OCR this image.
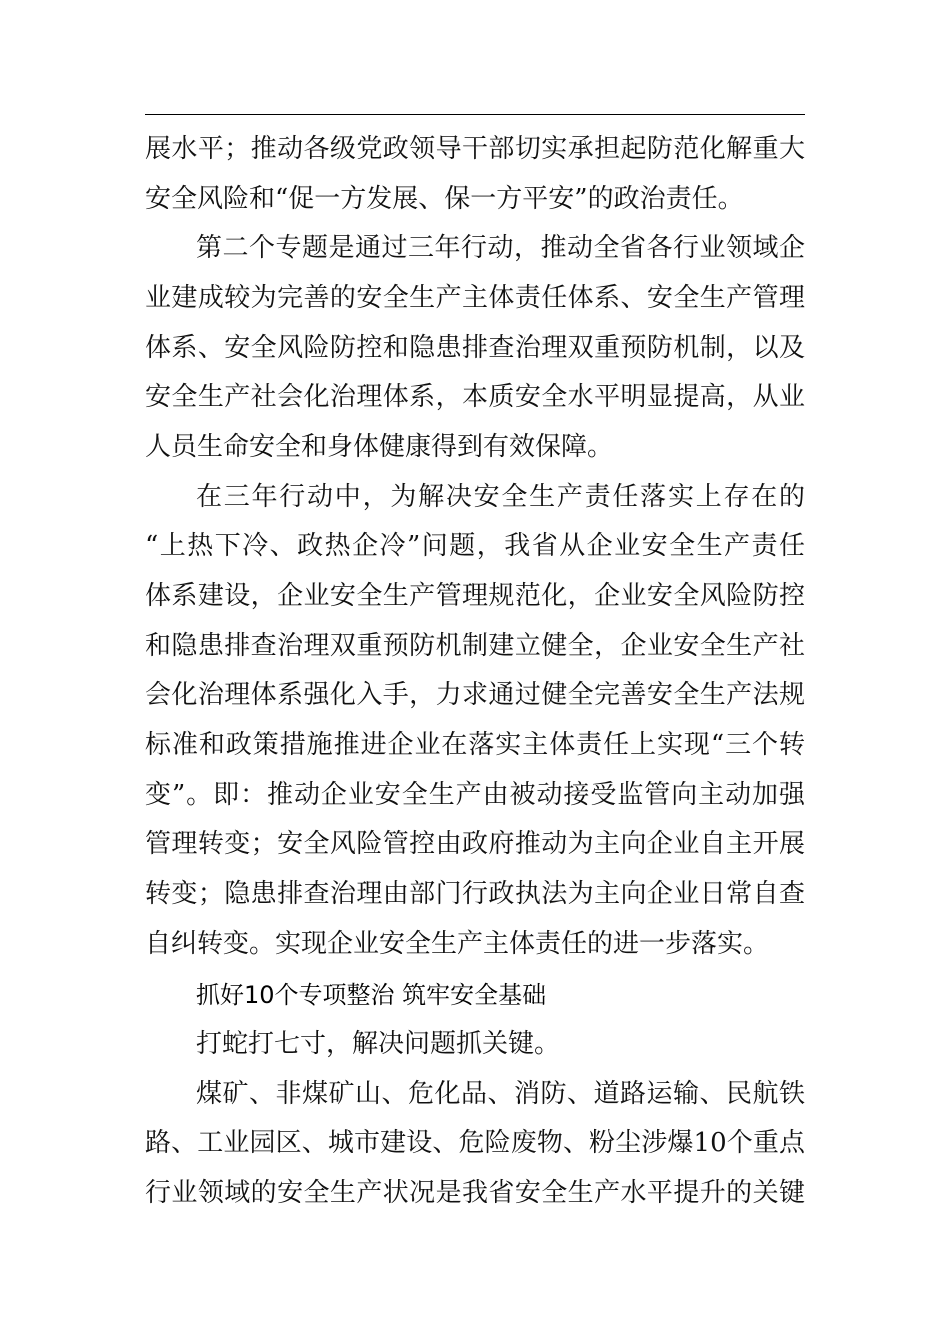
展水平；推动各级党政领导干部切实承担起防范化解重大
安全风险和“促一方发展、保一方平安”的政治责任。
第二个专题是通过三年行动，推动全省各行业领域企
业建成较为完善的安全生产主体责任体系、安全生产管理
体系、安全风险防控和隐患排查治理双重预防机制，以及
安全生产社会化治理体系，本质安全水平明显提高，从业
人员生命安全和身体健康得到有效保障。
在三年行动中，为解决安全生产责任落实上存在的
“上热下冷、政热企冷”问题，我省从企业安全生产责任
体系建设，企业安全生产管理规范化，企业安全风险防控
和隐患排查治理双重预防机制建立健全，企业安全生产社
会化治理体系强化入手，力求通过健全完善安全生产法规
标准和政策措施推进企业在落实主体责任上实现“三个转
变”。即：推动企业安全生产由被动接受监管向主动加强
管理转变；安全风险管控由政府推动为主向企业自主开展
转变；隐患排查治理由部门行政执法为主向企业日常自查
自纠转变。实现企业安全生产主体责任的进一步落实。
抓好10个专项整治 筑牢安全基础
打蛇打七寸，解决问题抓关键。
煤矿、非煤矿山、危化品、消防、道路运输、民航铁
路、工业园区、城市建设、危险废物、粉尘涉爆10个重点
行业领域的安全生产状况是我省安全生产水平提升的关键
